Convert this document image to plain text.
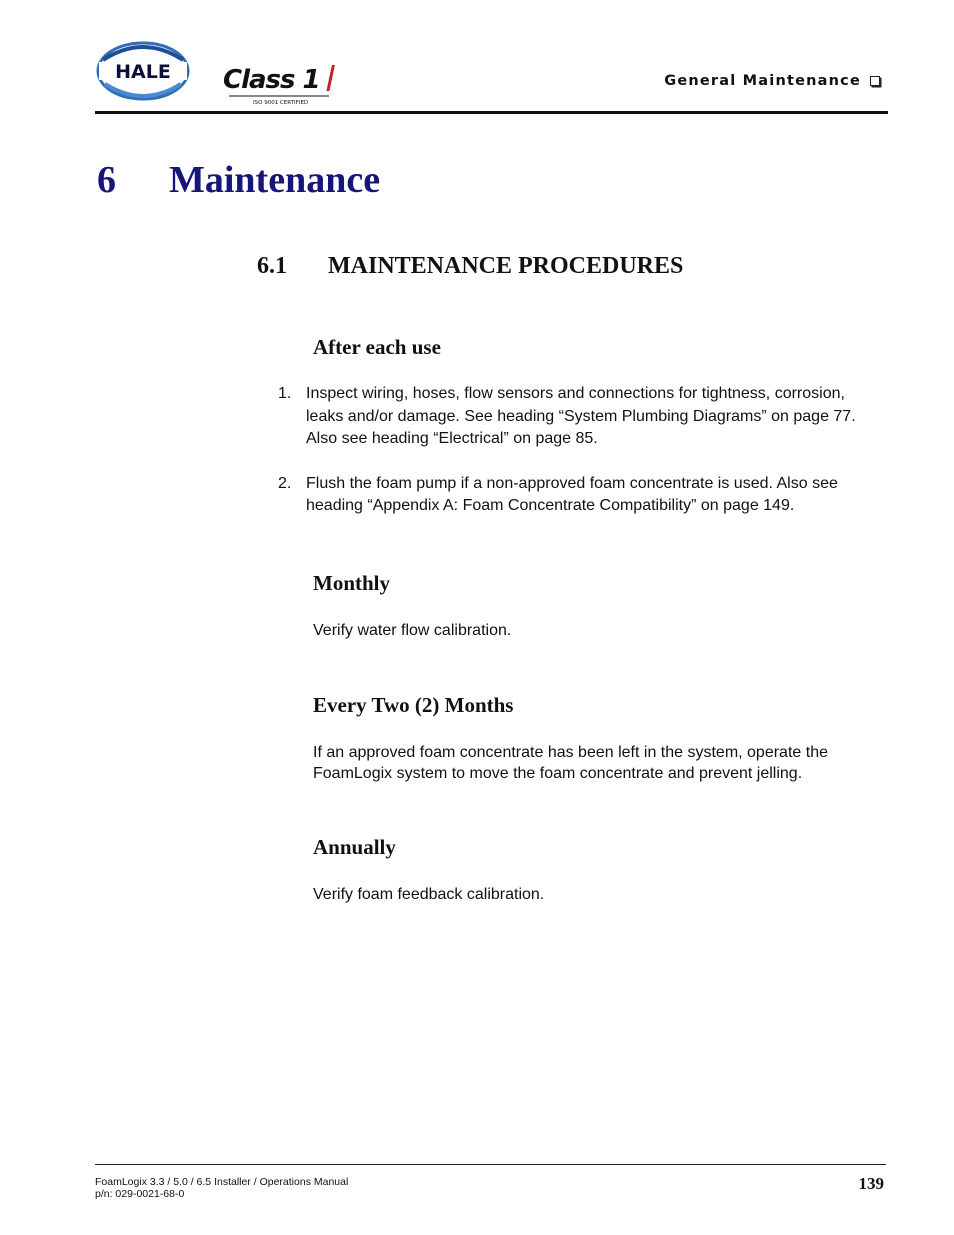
HALE Class 1
ISO 9001 CERTIFIED
General Maintenance
6 Maintenance
6.1 MAINTENANCE PROCEDURES
After each use
1. Inspect wiring, hoses, flow sensors and connections for tightness, corrosion, leaks and/or damage. See heading “System Plumbing Diagrams” on page 77. Also see heading “Electrical” on page 85.
2. Flush the foam pump if a non-approved foam concentrate is used. Also see heading “Appendix A: Foam Concentrate Compatibility” on page 149.
Monthly
Verify water flow calibration.
Every Two (2) Months
If an approved foam concentrate has been left in the system, operate the FoamLogix system to move the foam concentrate and prevent jelling.
Annually
Verify foam feedback calibration.
FoamLogix 3.3 / 5.0 / 6.5 Installer / Operations Manual
p/n: 029-0021-68-0
139
